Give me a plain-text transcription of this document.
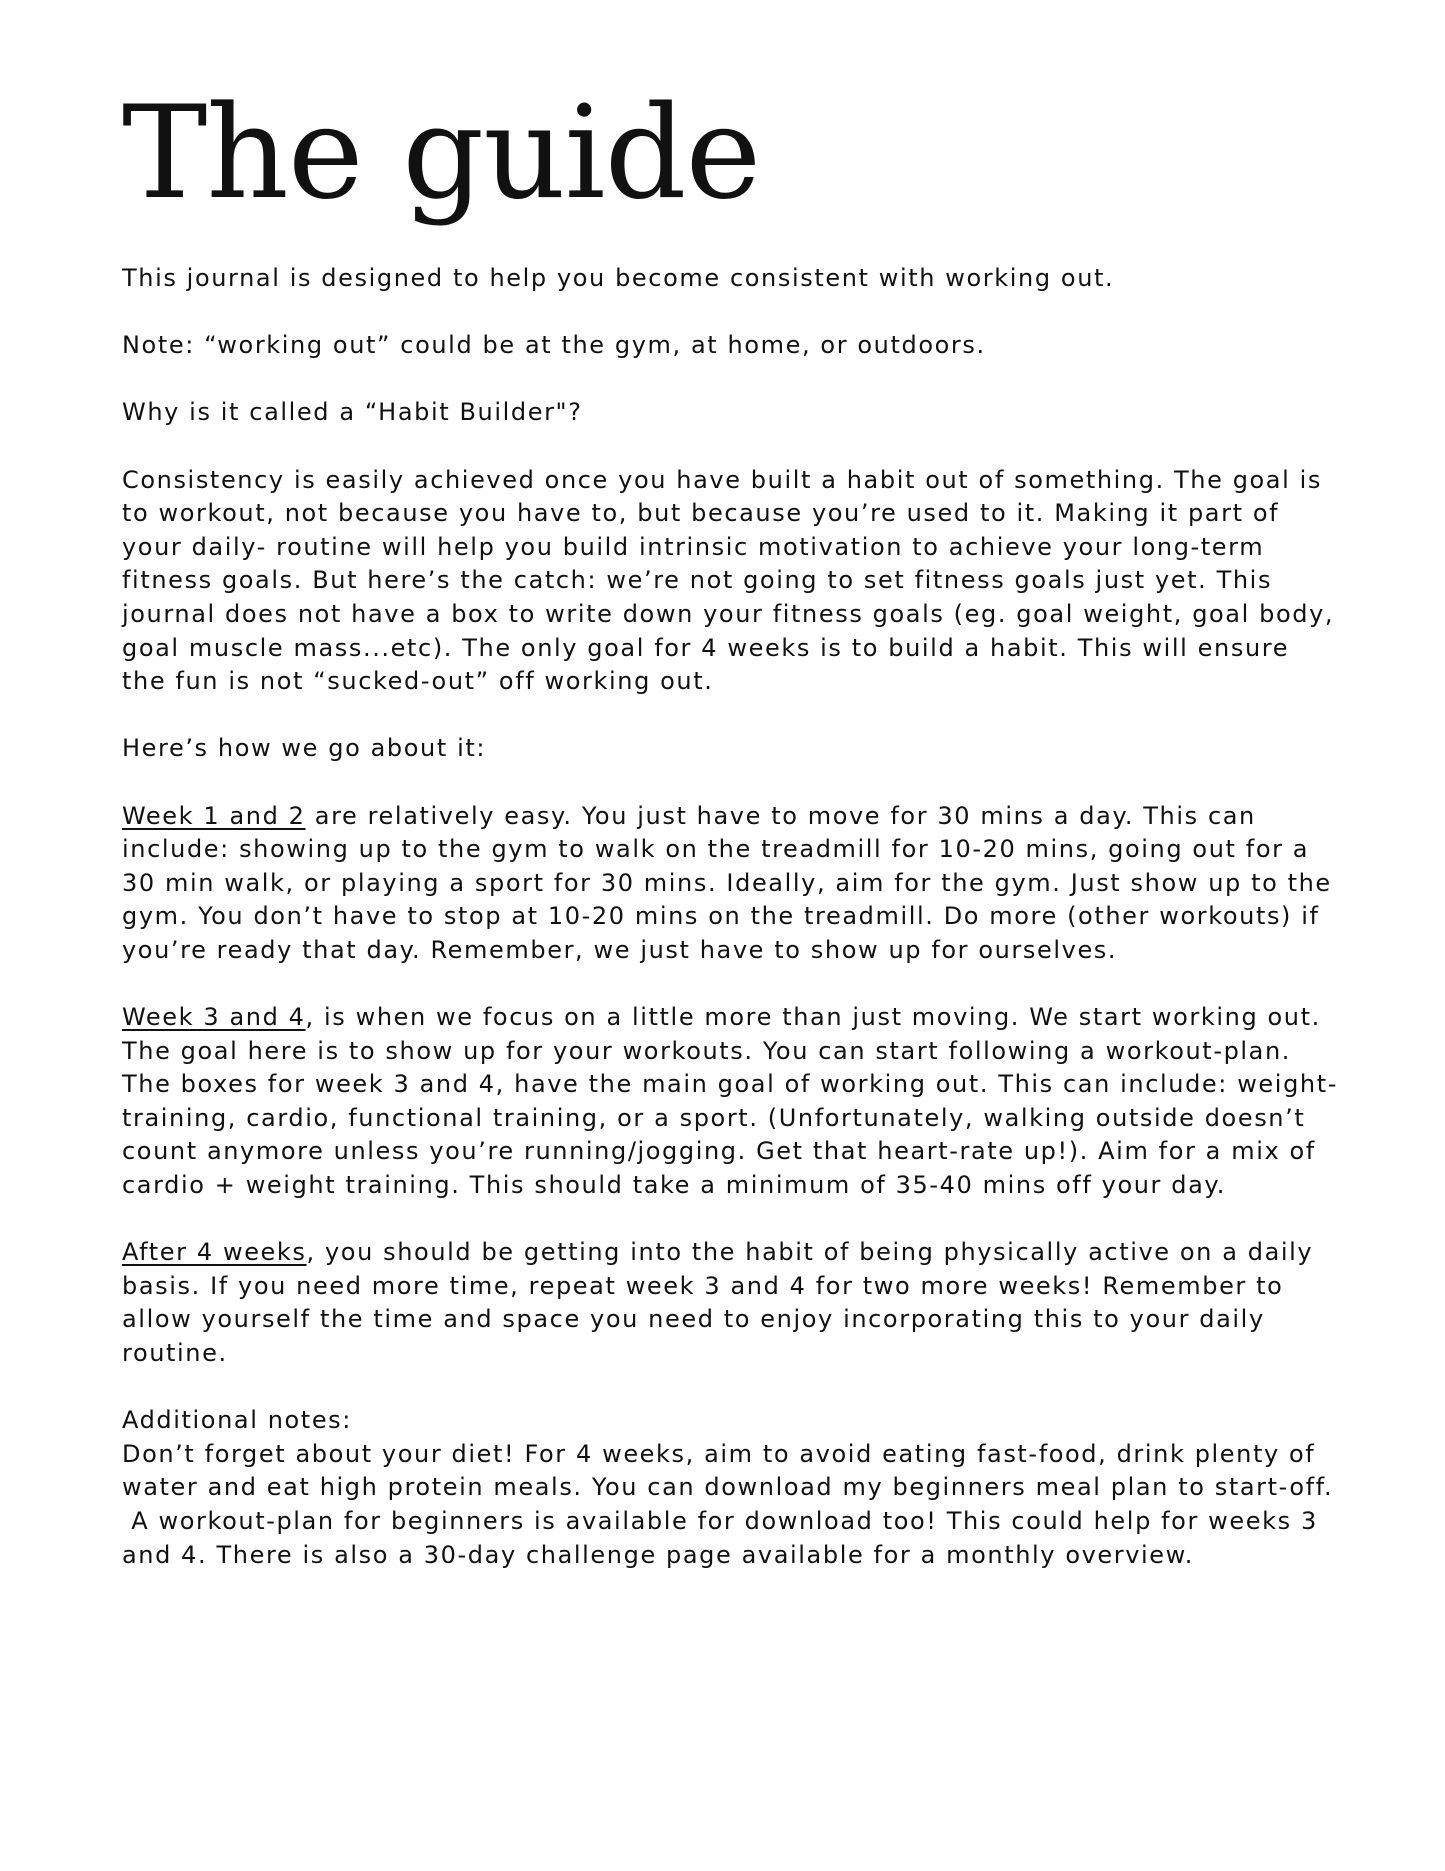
The guide

This journal is designed to help you become consistent with working out.

Note: “working out” could be at the gym, at home, or outdoors.

Why is it called a “Habit Builder"?

Consistency is easily achieved once you have built a habit out of something. The goal is to workout, not because you have to, but because you’re used to it. Making it part of your daily- routine will help you build intrinsic motivation to achieve your long-term fitness goals. But here’s the catch: we’re not going to set fitness goals just yet. This journal does not have a box to write down your fitness goals (eg. goal weight, goal body, goal muscle mass...etc). The only goal for 4 weeks is to build a habit. This will ensure the fun is not “sucked-out” off working out.

Here’s how we go about it:

Week 1 and 2 are relatively easy. You just have to move for 30 mins a day. This can include: showing up to the gym to walk on the treadmill for 10-20 mins, going out for a 30 min walk, or playing a sport for 30 mins. Ideally, aim for the gym. Just show up to the gym. You don’t have to stop at 10-20 mins on the treadmill. Do more (other workouts) if you’re ready that day. Remember, we just have to show up for ourselves.

Week 3 and 4, is when we focus on a little more than just moving. We start working out. The goal here is to show up for your workouts. You can start following a workout-plan. The boxes for week 3 and 4, have the main goal of working out. This can include: weight- training, cardio, functional training, or a sport. (Unfortunately, walking outside doesn’t count anymore unless you’re running/jogging. Get that heart-rate up!). Aim for a mix of cardio + weight training. This should take a minimum of 35-40 mins off your day.

After 4 weeks, you should be getting into the habit of being physically active on a daily basis. If you need more time, repeat week 3 and 4 for two more weeks! Remember to allow yourself the time and space you need to enjoy incorporating this to your daily routine.

Additional notes:

Don’t forget about your diet! For 4 weeks, aim to avoid eating fast-food, drink plenty of water and eat high protein meals. You can download my beginners meal plan to start-off.

A workout-plan for beginners is available for download too! This could help for weeks 3 and 4. There is also a 30-day challenge page available for a monthly overview.
